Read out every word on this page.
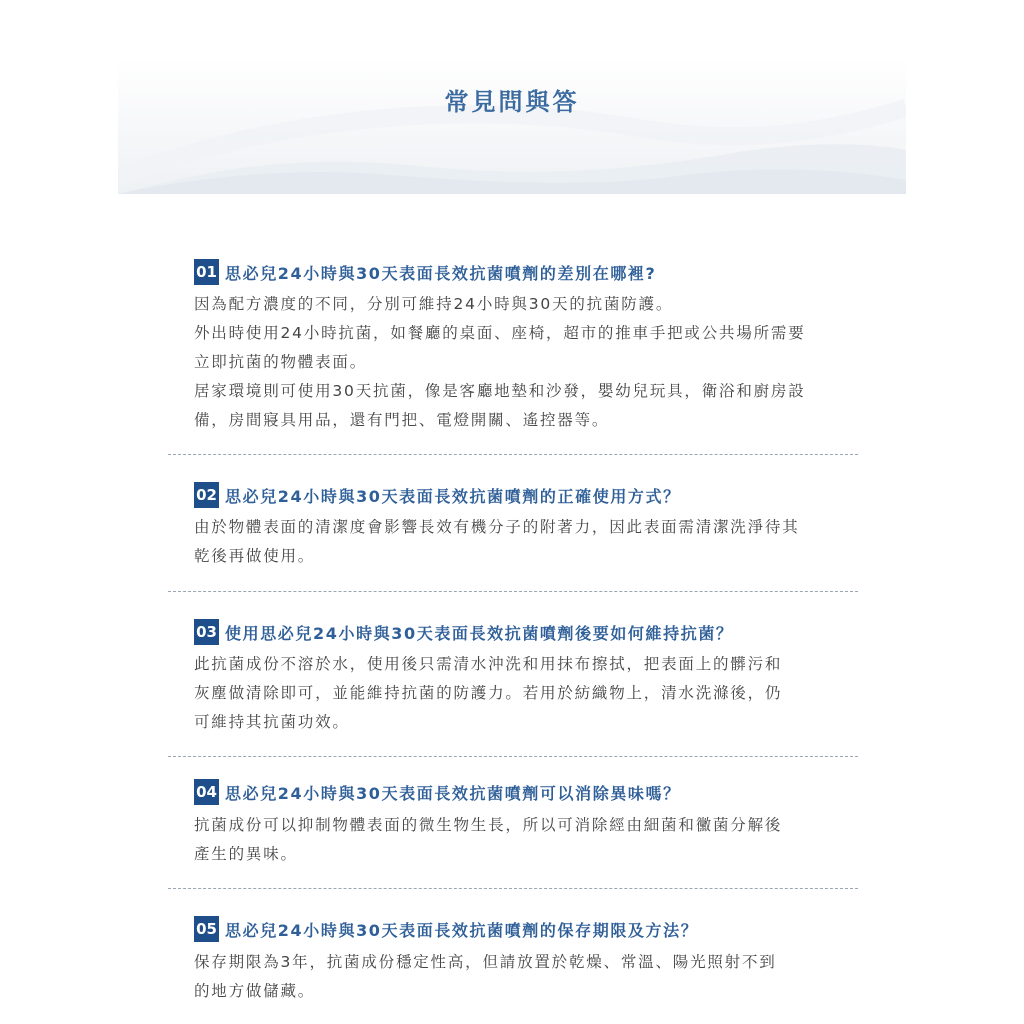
常見問與答
01 思必兒24小時與30天表面長效抗菌噴劑的差別在哪裡?

因為配方濃度的不同，分別可維持24小時與30天的抗菌防護。

外出時使用24小時抗菌，如餐廳的桌面、座椅，超市的推車手把或公共場所需要

立即抗菌的物體表面。

居家環境則可使用30天抗菌，像是客廳地墊和沙發，嬰幼兒玩具，衛浴和廚房設

備，房間寢具用品，還有門把、電燈開關、遙控器等。

02 思必兒24小時與30天表面長效抗菌噴劑的正確使用方式？

由於物體表面的清潔度會影響長效有機分子的附著力，因此表面需清潔洗淨待其

乾後再做使用。

03 使用思必兒24小時與30天表面長效抗菌噴劑後要如何維持抗菌？

此抗菌成份不溶於水，使用後只需清水沖洗和用抹布擦拭，把表面上的髒污和

灰塵做清除即可，並能維持抗菌的防護力。若用於紡織物上，清水洗滌後，仍

可維持其抗菌功效。

04 思必兒24小時與30天表面長效抗菌噴劑可以消除異味嗎？

抗菌成份可以抑制物體表面的微生物生長，所以可消除經由細菌和黴菌分解後

產生的異味。

05 思必兒24小時與30天表面長效抗菌噴劑的保存期限及方法？

保存期限為3年，抗菌成份穩定性高，但請放置於乾燥、常溫、陽光照射不到

的地方做儲藏。
